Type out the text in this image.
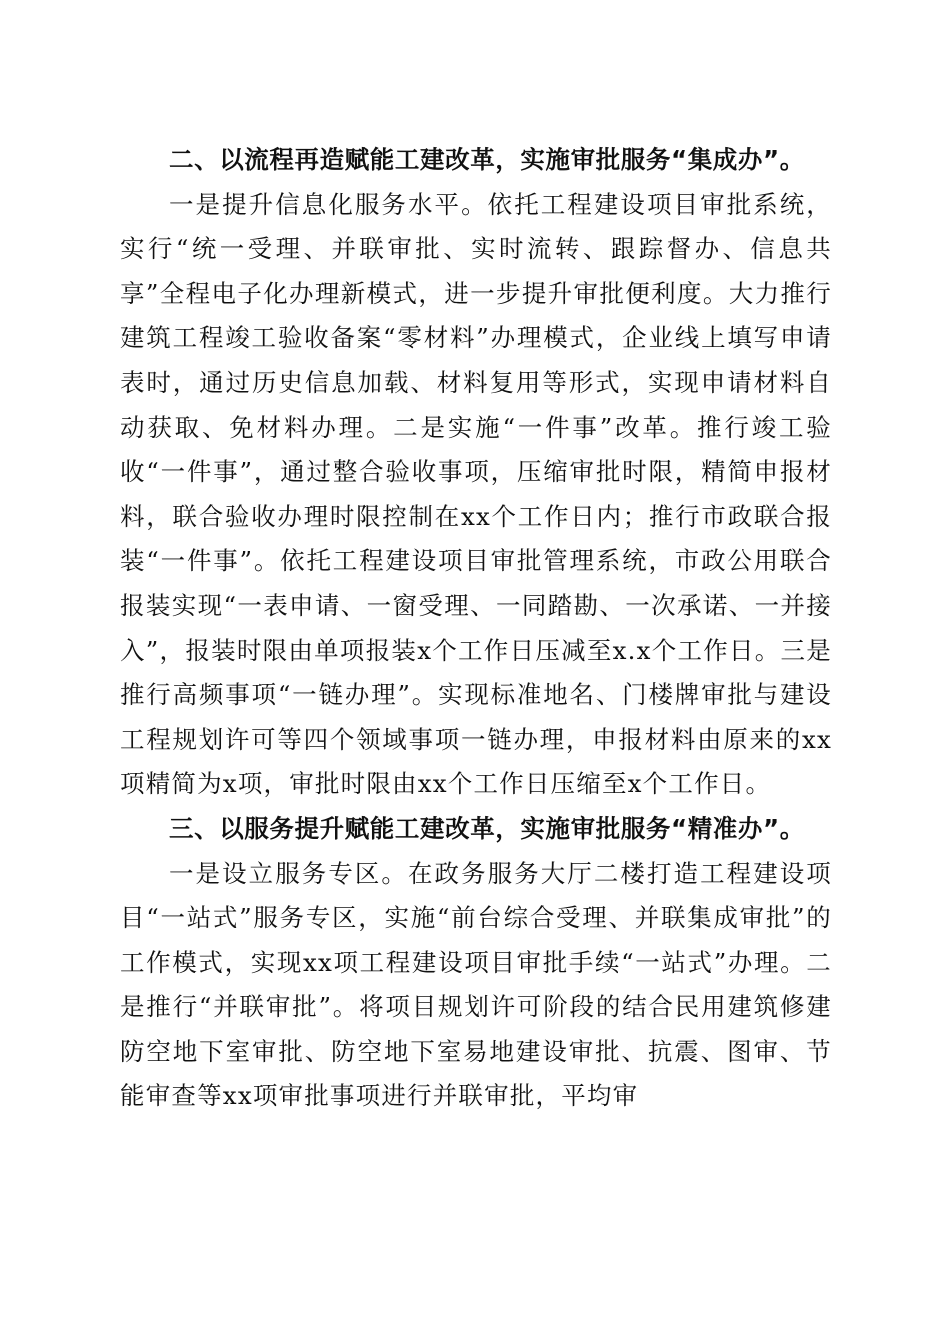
二、以流程再造赋能工建改革，实施审批服务“集成办”。

一是提升信息化服务水平。依托工程建设项目审批系统，实行“统一受理、并联审批、实时流转、跟踪督办、信息共享”全程电子化办理新模式，进一步提升审批便利度。大力推行建筑工程竣工验收备案“零材料”办理模式，企业线上填写申请表时，通过历史信息加载、材料复用等形式，实现申请材料自动获取、免材料办理。二是实施“一件事”改革。推行竣工验收“一件事”，通过整合验收事项，压缩审批时限，精简申报材料，联合验收办理时限控制在xx个工作日内；推行市政联合报装“一件事”。依托工程建设项目审批管理系统，市政公用联合报装实现“一表申请、一窗受理、一同踏勘、一次承诺、一并接入”，报装时限由单项报装x个工作日压减至x.x个工作日。三是推行高频事项“一链办理”。实现标准地名、门楼牌审批与建设工程规划许可等四个领域事项一链办理，申报材料由原来的xx项精简为x项，审批时限由xx个工作日压缩至x个工作日。

三、以服务提升赋能工建改革，实施审批服务“精准办”。

一是设立服务专区。在政务服务大厅二楼打造工程建设项目“一站式”服务专区，实施“前台综合受理、并联集成审批”的工作模式，实现xx项工程建设项目审批手续“一站式”办理。二是推行“并联审批”。将项目规划许可阶段的结合民用建筑修建防空地下室审批、防空地下室易地建设审批、抗震、图审、节能审查等xx项审批事项进行并联审批，平均审
